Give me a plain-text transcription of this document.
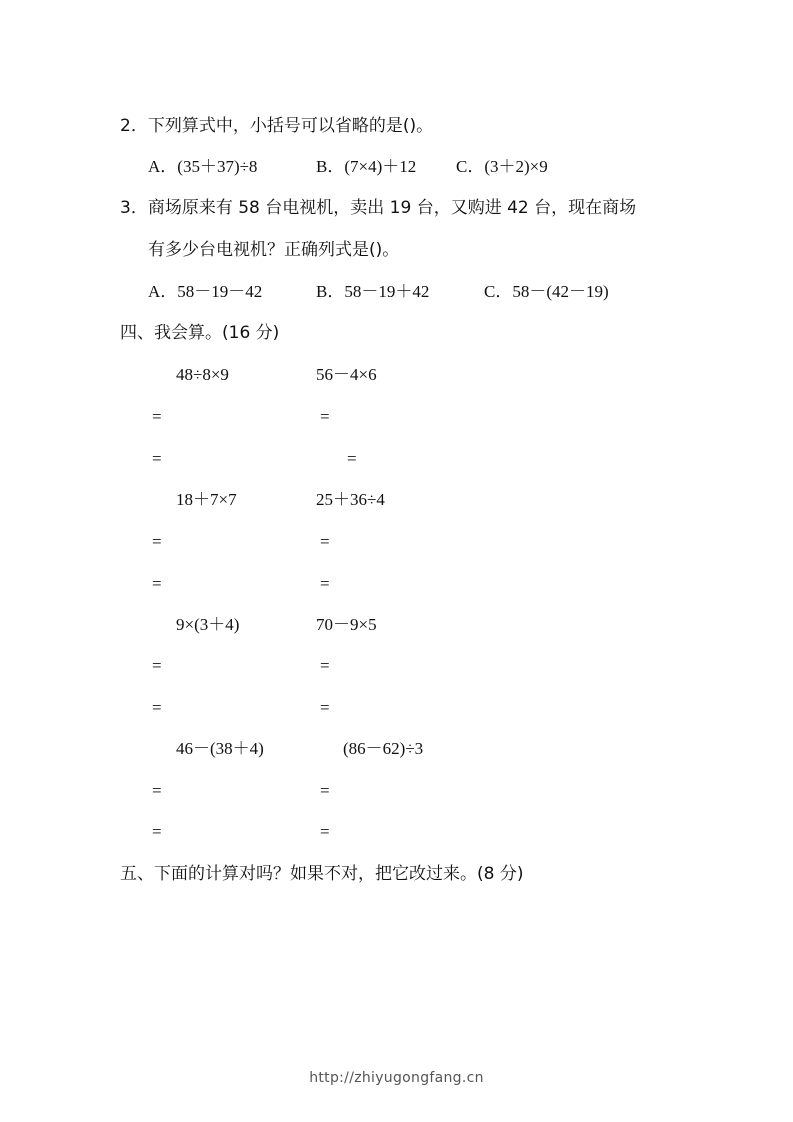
2．下列算式中，小括号可以省略的是()。
A．(35＋37)÷8	B．(7×4)＋12 C．(3＋2)×9
3．商场原来有 58 台电视机，卖出 19 台，又购进 42 台，现在商场
有多少台电视机？正确列式是()。
A．58－19－42	B．58－19＋42	C．58－(42－19)
四、我会算。(16 分)
48÷8×9	56－4×6
=	=
=	=
18＋7×7	25＋36÷4
=	=
=	=
9×(3＋4)	70－9×5
=	=
=	=
46－(38＋4)	(86－62)÷3
=	=
=	=
五、下面的计算对吗？如果不对，把它改过来。(8 分)
http://zhiyugongfang.cn
